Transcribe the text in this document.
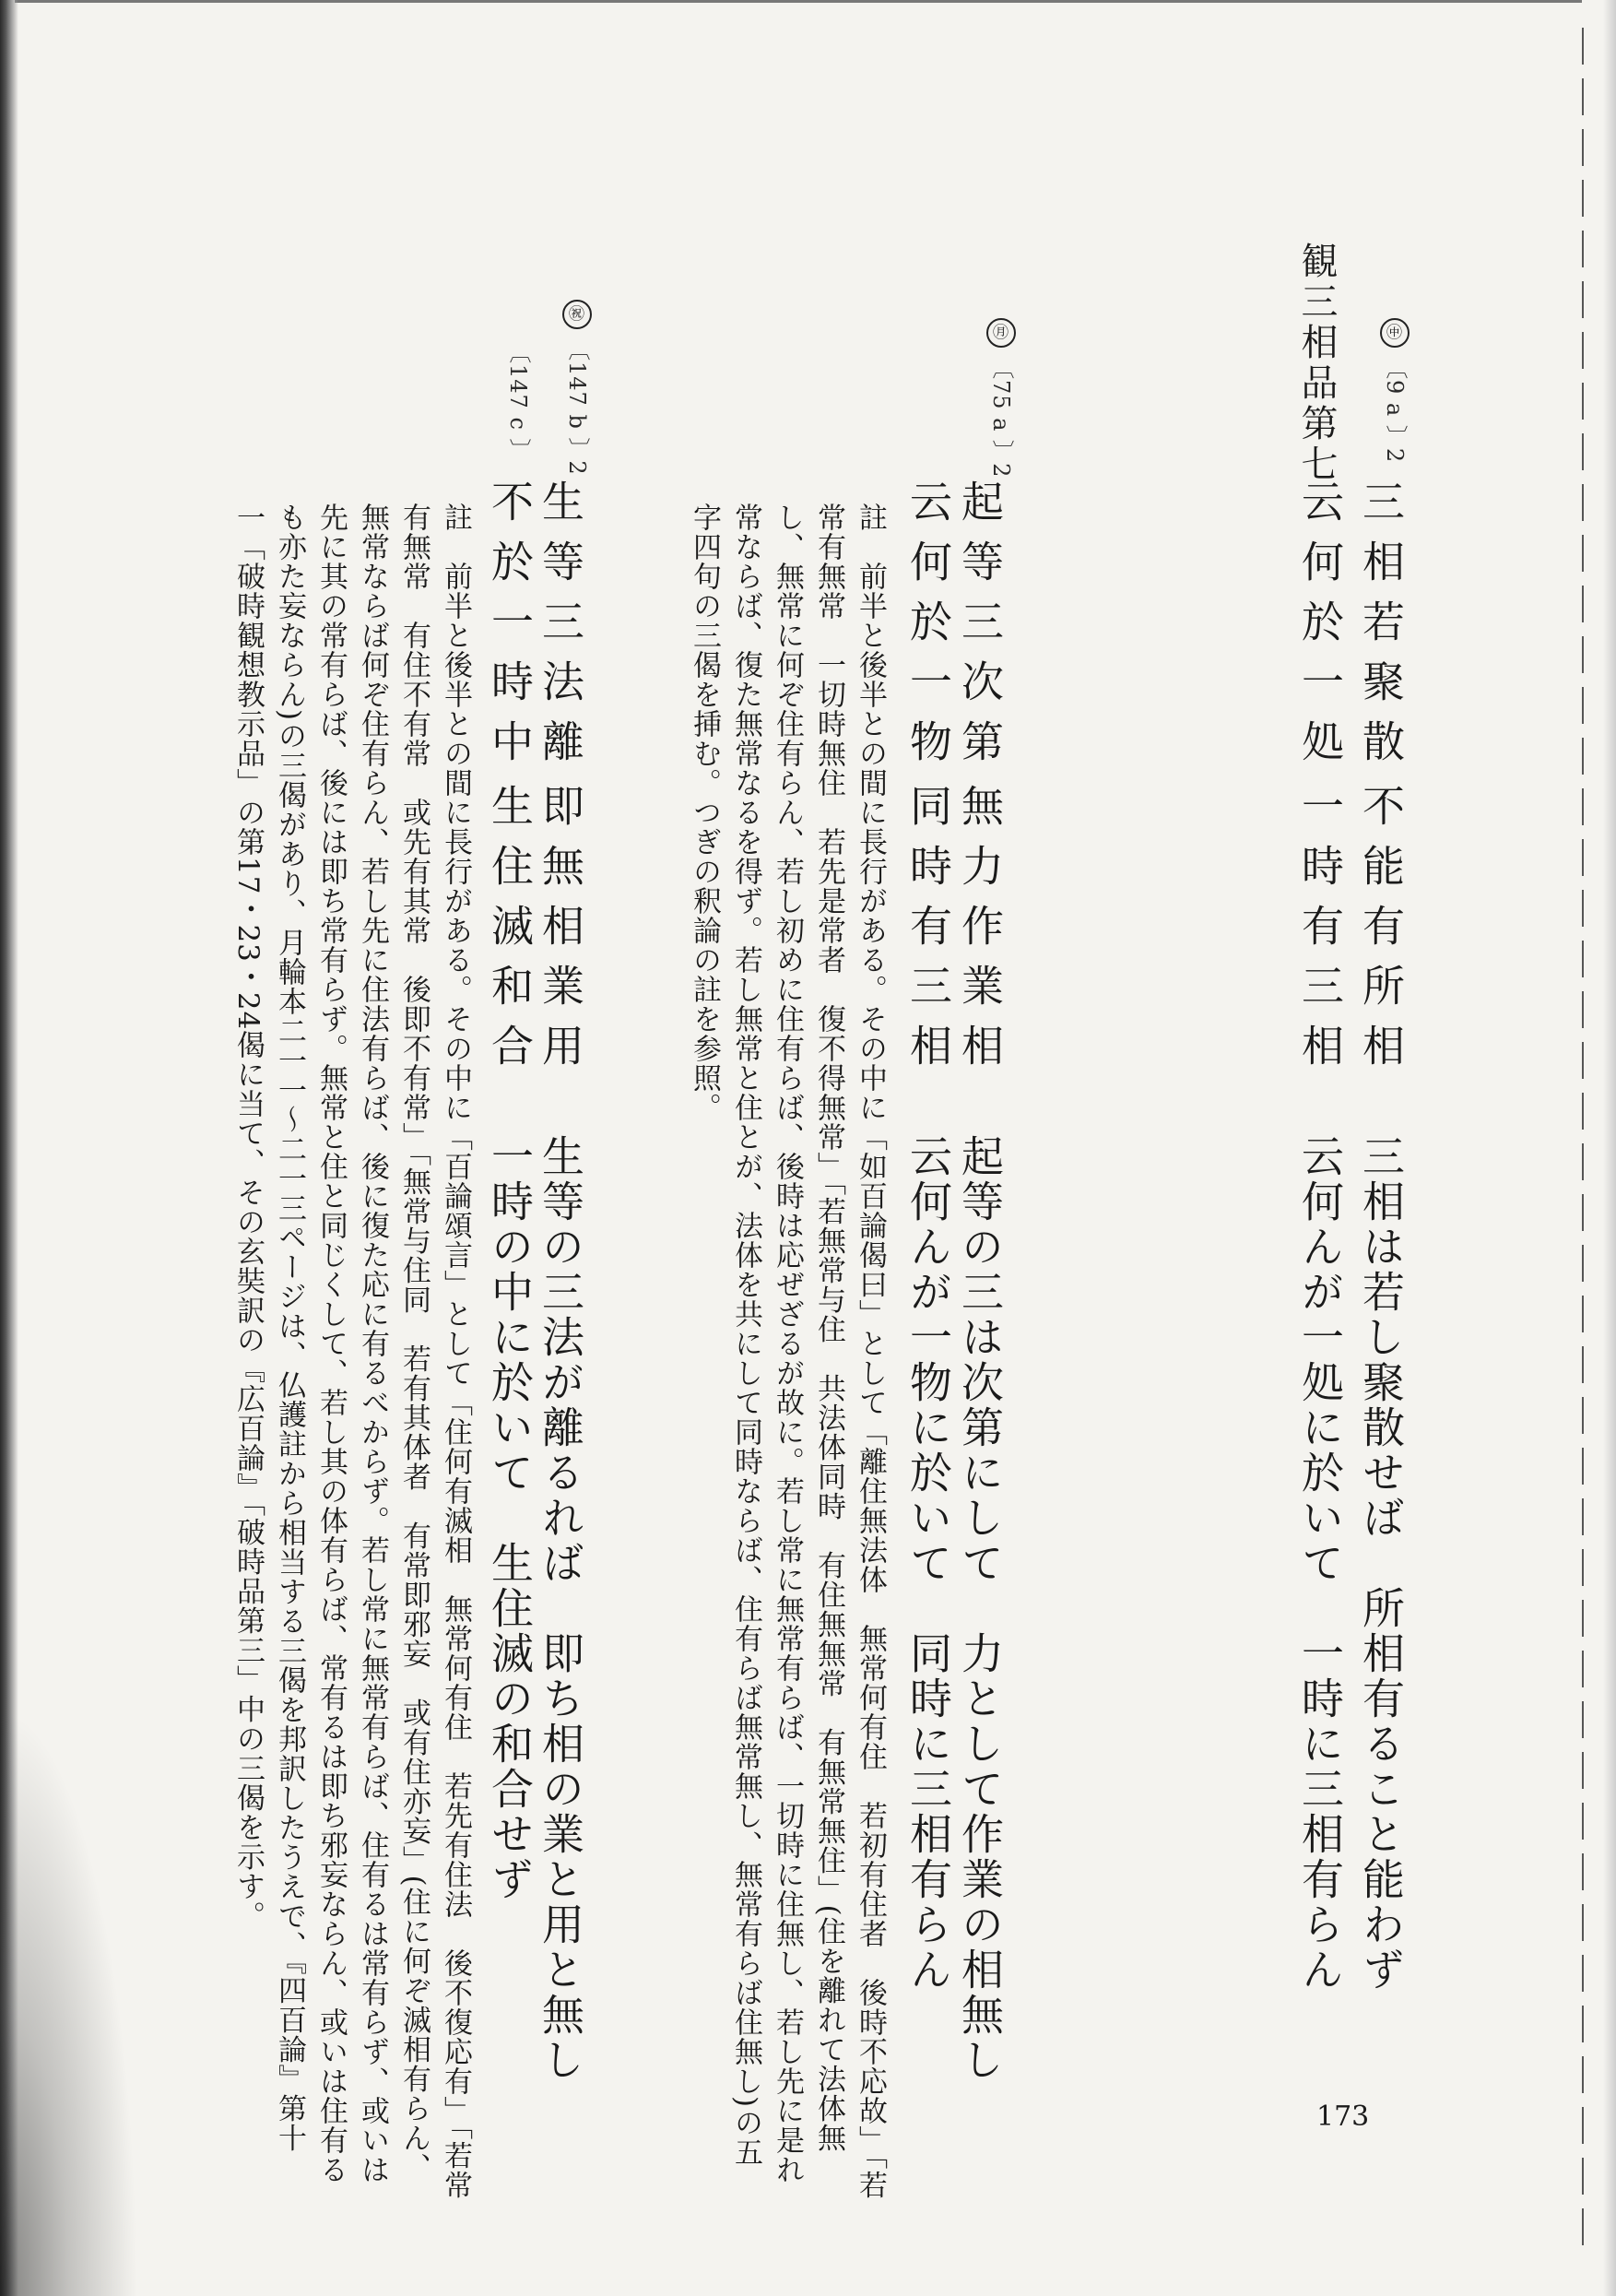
観三相品第七	㊥〔9 a 〕2
三相若聚散
不能有所相
云何於一処
一時有三相
三相は若し聚散せば　所相有ること能わず
云何んが一処に於いて　一時に三相有らん
㊊〔75 a 〕2
起等三次第
無力作業相
云何於一物
同時有三相
起等の三は次第にして　力として作業の相無し
云何んが一物に於いて　同時に三相有らん
註　前半と後半との間に長行がある。その中に「如百論偈曰」として「離住無法体　無常何有住　若初有住者　後時不応故」「若
常有無常　一切時無住　若先是常者　復不得無常」「若無常与住　共法体同時　有住無無常　有無常無住」(住を離れて法体無
し、無常に何ぞ住有らん、若し初めに住有らば、後時は応ぜざるが故に。若し常に無常有らば、一切時に住無し、若し先に是れ
常ならば、復た無常なるを得ず。若し無常と住とが、法体を共にして同時ならば、住有らば無常無し、無常有らば住無し)の五
字四句の三偈を挿む。つぎの釈論の註を参照。
㊗〔147 b 〕2
〔147 c 〕
生等三法離
即無相業用
不於一時中
生住滅和合
生等の三法が離るれば　即ち相の業と用と無し
一時の中に於いて　生住滅の和合せず
註　前半と後半との間に長行がある。その中に「百論頌言」として「住何有滅相　無常何有住　若先有住法　後不復応有」「若常
有無常　有住不有常　或先有其常　後即不有常」「無常与住同　若有其体者　有常即邪妄　或有住亦妄」(住に何ぞ滅相有らん、
無常ならば何ぞ住有らん、若し先に住法有らば、後に復た応に有るべからず。若し常に無常有らば、住有るは常有らず、或いは
先に其の常有らば、後には即ち常有らず。無常と住と同じくして、若し其の体有らば、常有るは即ち邪妄ならん、或いは住有る
も亦た妄ならん)の三偈があり、月輪本二一一〜二一三ページは、仏護註から相当する三偈を邦訳したうえで、『四百論』第十
一「破時観想教示品」の第17・23・24偈に当て、その玄奘訳の『広百論』「破時品第三」中の三偈を示す。
173
